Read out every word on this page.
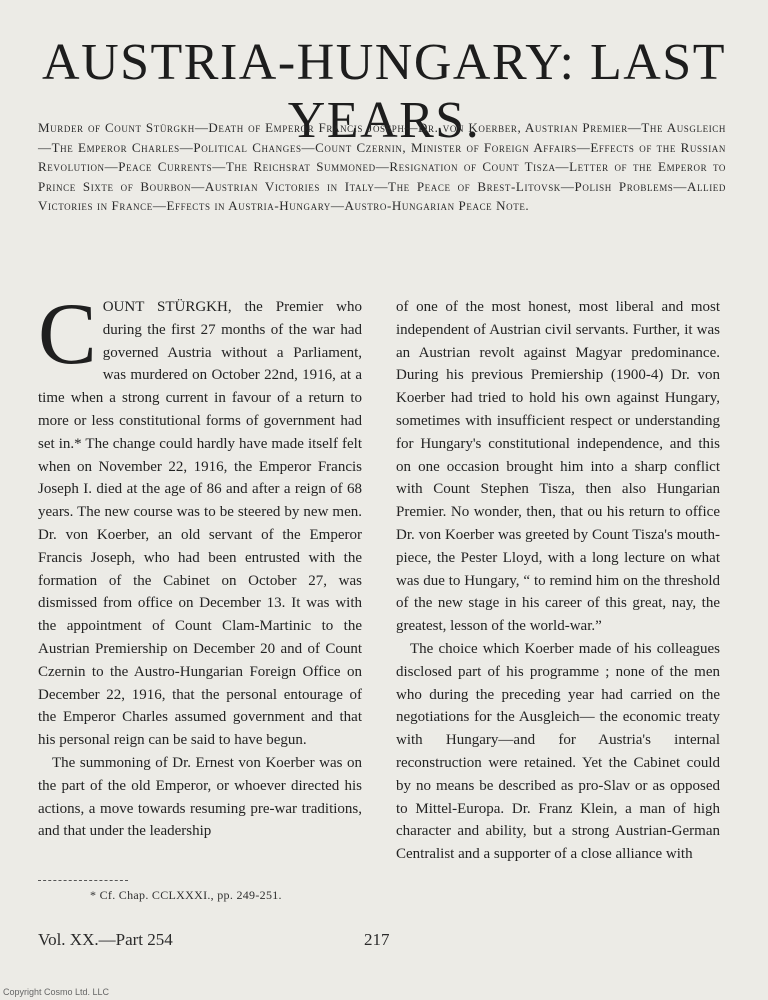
AUSTRIA-HUNGARY: LAST YEARS.
Murder of Count Stürgkh—Death of Emperor Francis Joseph—Dr. von Koerber, Austrian Premier—The Ausgleich—The Emperor Charles—Political Changes—Count Czernin, Minister of Foreign Affairs—Effects of the Russian Revolution—Peace Currents—The Reichsrat Summoned—Resignation of Count Tisza—Letter of the Emperor to Prince Sixte of Bourbon—Austrian Victories in Italy—The Peace of Brest-Litovsk—Polish Problems—Allied Victories in France—Effects in Austria-Hungary—Austro-Hungarian Peace Note.

COUNT STÜRGKH, the Premier who during the first 27 months of the war had governed Austria without a Parliament, was murdered on October 22nd, 1916, at a time when a strong current in favour of a return to more or less constitutional forms of government had set in.* The change could hardly have made itself felt when on November 22, 1916, the Emperor Francis Joseph I. died at the age of 86 and after a reign of 68 years. The new course was to be steered by new men. Dr. von Koerber, an old servant of the Emperor Francis Joseph, who had been entrusted with the formation of the Cabinet on October 27, was dismissed from office on December 13. It was with the appointment of Count Clam-Martinic to the Austrian Premiership on December 20 and of Count Czernin to the Austro-Hungarian Foreign Office on December 22, 1916, that the personal entourage of the Emperor Charles assumed government and that his personal reign can be said to have begun.

The summoning of Dr. Ernest von Koerber was on the part of the old Emperor, or whoever directed his actions, a move towards resuming pre-war traditions, and that under the leadership

of one of the most honest, most liberal and most independent of Austrian civil servants. Further, it was an Austrian revolt against Magyar predominance. During his previous Premiership (1900-4) Dr. von Koerber had tried to hold his own against Hungary, sometimes with insufficient respect or understanding for Hungary's constitutional independence, and this on one occasion brought him into a sharp conflict with Count Stephen Tisza, then also Hungarian Premier. No wonder, then, that ou his return to office Dr. von Koerber was greeted by Count Tisza's mouthpiece, the Pester Lloyd, with a long lecture on what was due to Hungary, “ to remind him on the threshold of the new stage in his career of this great, nay, the greatest, lesson of the world-war.”

The choice which Koerber made of his colleagues disclosed part of his programme ; none of the men who during the preceding year had carried on the negotiations for the Ausgleich— the economic treaty with Hungary—and for Austria's internal reconstruction were retained. Yet the Cabinet could by no means be described as pro-Slav or as opposed to Mittel-Europa. Dr. Franz Klein, a man of high character and ability, but a strong Austrian-German Centralist and a supporter of a close alliance with

* Cf. Chap. CCLXXXI., pp. 249-251.
Vol. XX.—Part 254	217
Copyright Cosmo Ltd. LLC
